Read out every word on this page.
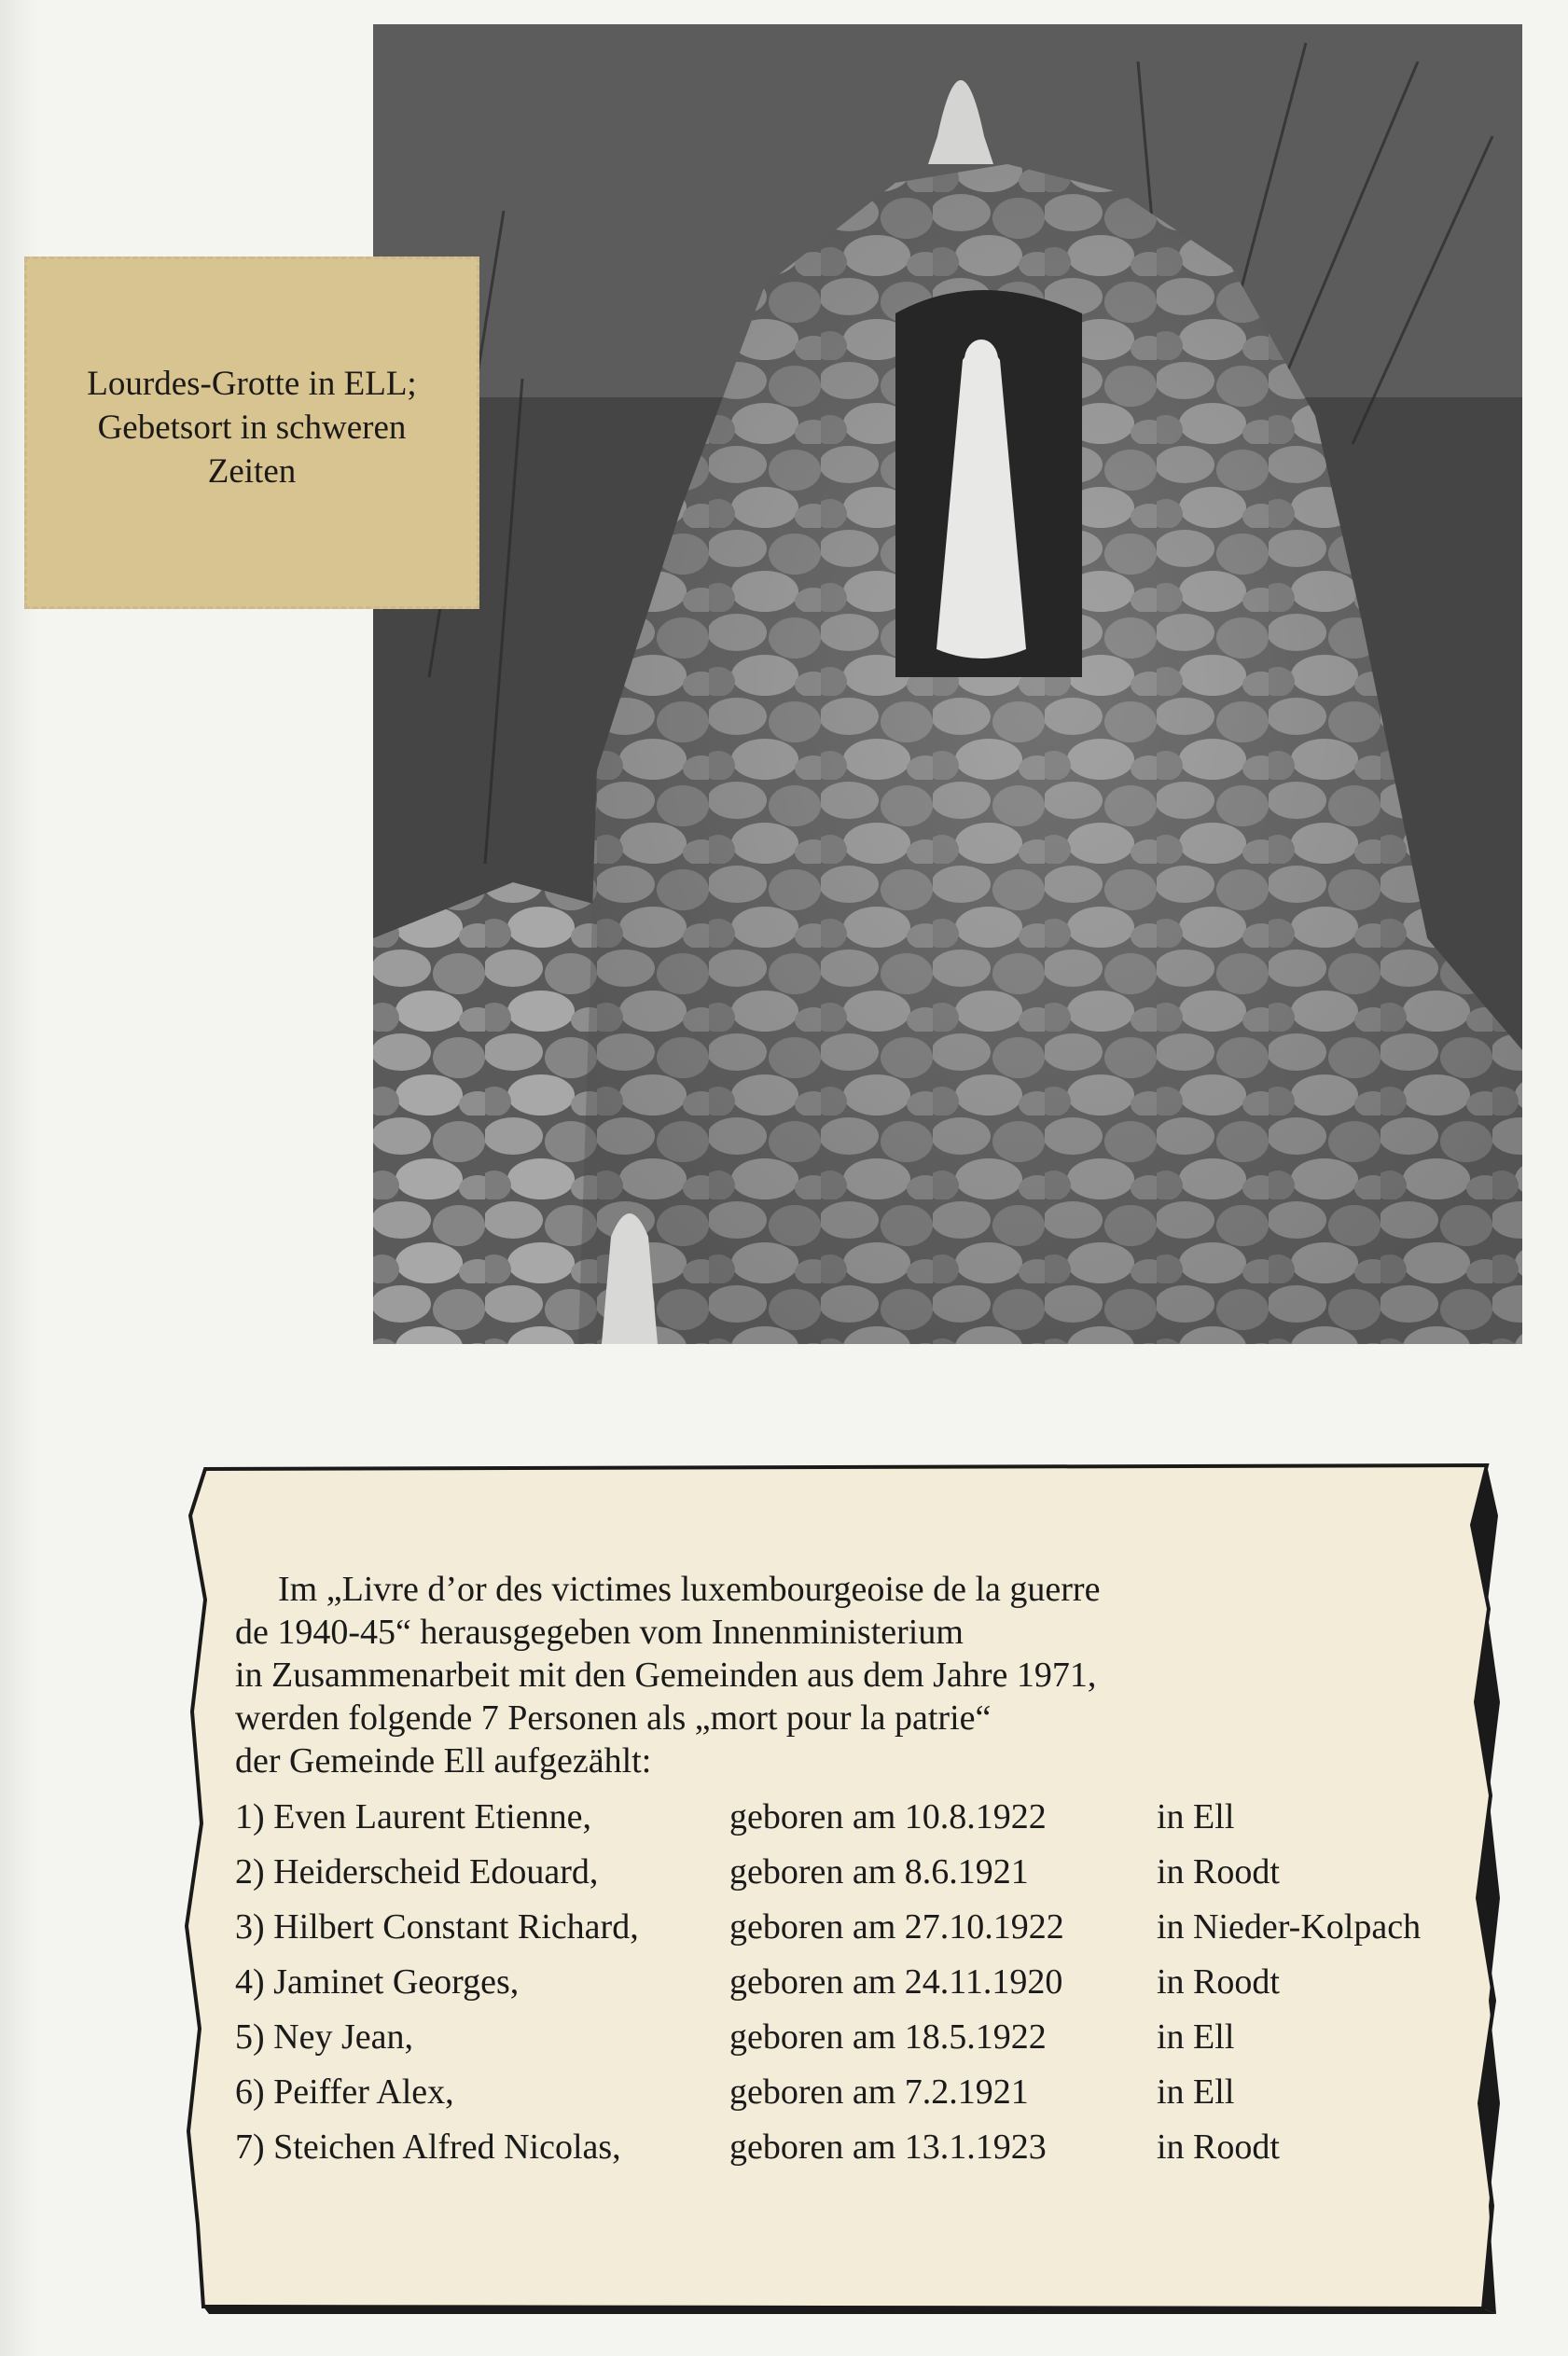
Lourdes-Grotte in ELL;
Gebetsort in schweren
Zeiten
Im „Livre d’or des victimes luxembourgeoise de la guerre
de 1940-45“ herausgegeben vom Innenministerium
in Zusammenarbeit mit den Gemeinden aus dem Jahre 1971,
werden folgende 7 Personen als „mort pour la patrie“
der Gemeinde Ell aufgezählt:
1) Even Laurent Etienne,	geboren am 10.8.1922	in Ell
2) Heiderscheid Edouard,	geboren am 8.6.1921	in Roodt
3) Hilbert Constant Richard,	geboren am 27.10.1922	in Nieder-Kolpach
4) Jaminet Georges,	geboren am 24.11.1920	in Roodt
5) Ney Jean,	geboren am 18.5.1922	in Ell
6) Peiffer Alex,	geboren am 7.2.1921	in Ell
7) Steichen Alfred Nicolas,	geboren am 13.1.1923	in Roodt
